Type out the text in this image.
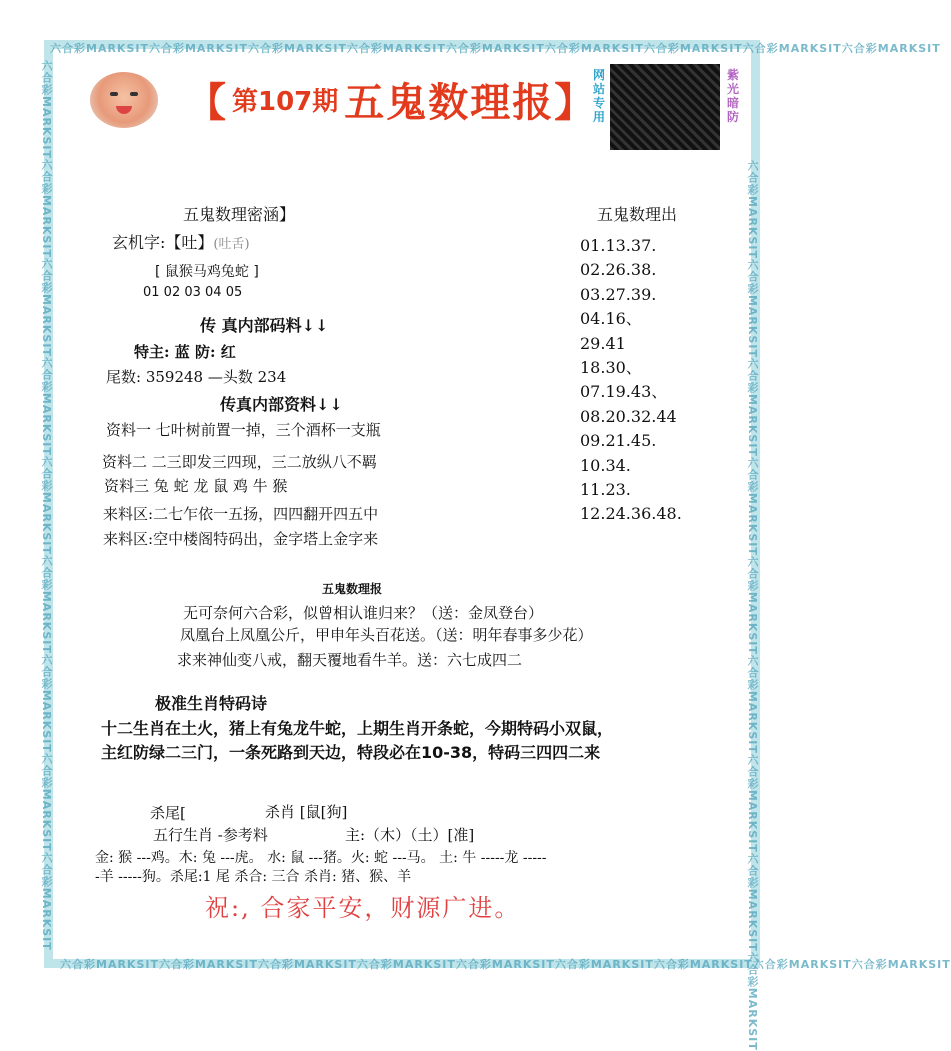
六合彩MARKSIT六合彩MARKSIT六合彩MARKSIT六合彩MARKSIT六合彩MARKSIT六合彩MARKSIT六合彩MARKSIT六合彩MARKSIT六合彩MARKSIT
六合彩MARKSIT六合彩MARKSIT六合彩MARKSIT六合彩MARKSIT六合彩MARKSIT六合彩MARKSIT六合彩MARKSIT六合彩MARKSIT六合彩MARKSIT
六合彩MARKSIT六合彩MARKSIT六合彩MARKSIT六合彩MARKSIT六合彩MARKSIT六合彩MARKSIT六合彩MARKSIT六合彩MARKSIT六合彩MARKSIT	六合彩MARKSIT六合彩MARKSIT六合彩MARKSIT六合彩MARKSIT六合彩MARKSIT六合彩MARKSIT六合彩MARKSIT六合彩MARKSIT六合彩MARKSIT
【 第107期 五鬼数理报 】
网站专用
紫光暗防
五鬼数理密涵】
玄机字:【吐】(吐舌)
[ 鼠猴马鸡兔蛇 ]
01 02 03 04 05
传 真内部码料↓↓
特主: 蓝 防: 红
尾数: 359248 —头数 234
传真内部资料↓↓
资料一 七叶树前置一掉，三个酒杯一支瓶
资料二 二三即发三四现，三二放纵八不羁
资料三 兔 蛇 龙 鼠 鸡 牛 猴
来料区:二七乍依一五扬，四四翻开四五中
来料区:空中楼阁特码出，金字塔上金字来
五鬼数理出
01.13.37.
02.26.38.
03.27.39.
04.16、
29.41
18.30、
07.19.43、
08.20.32.44
09.21.45.
10.34.
11.23.
12.24.36.48.
五鬼数理报
无可奈何六合彩，似曾相认谁归来？（送：金凤登台）
凤凰台上凤凰公斤，甲申年头百花送。（送：明年春事多少花）
求来神仙变八戒，翻天覆地看牛羊。送：六七成四二
极准生肖特码诗
十二生肖在土火，猪上有兔龙牛蛇，上期生肖开条蛇，今期特码小双鼠，
主红防绿二三门，一条死路到天边，特段必在10-38，特码三四四二来
杀尾[	杀肖 [鼠[狗]
五行生肖 -参考料	主:（木）（土）[准]
金: 猴 ---鸡。木: 兔 ---虎。 水: 鼠 ---猪。火: 蛇 ---马。 土: 牛 -----龙 -----
-羊 -----狗。杀尾:1 尾 杀合: 三合 杀肖: 猪、猴、羊
祝:, 合家平安，财源广进。
